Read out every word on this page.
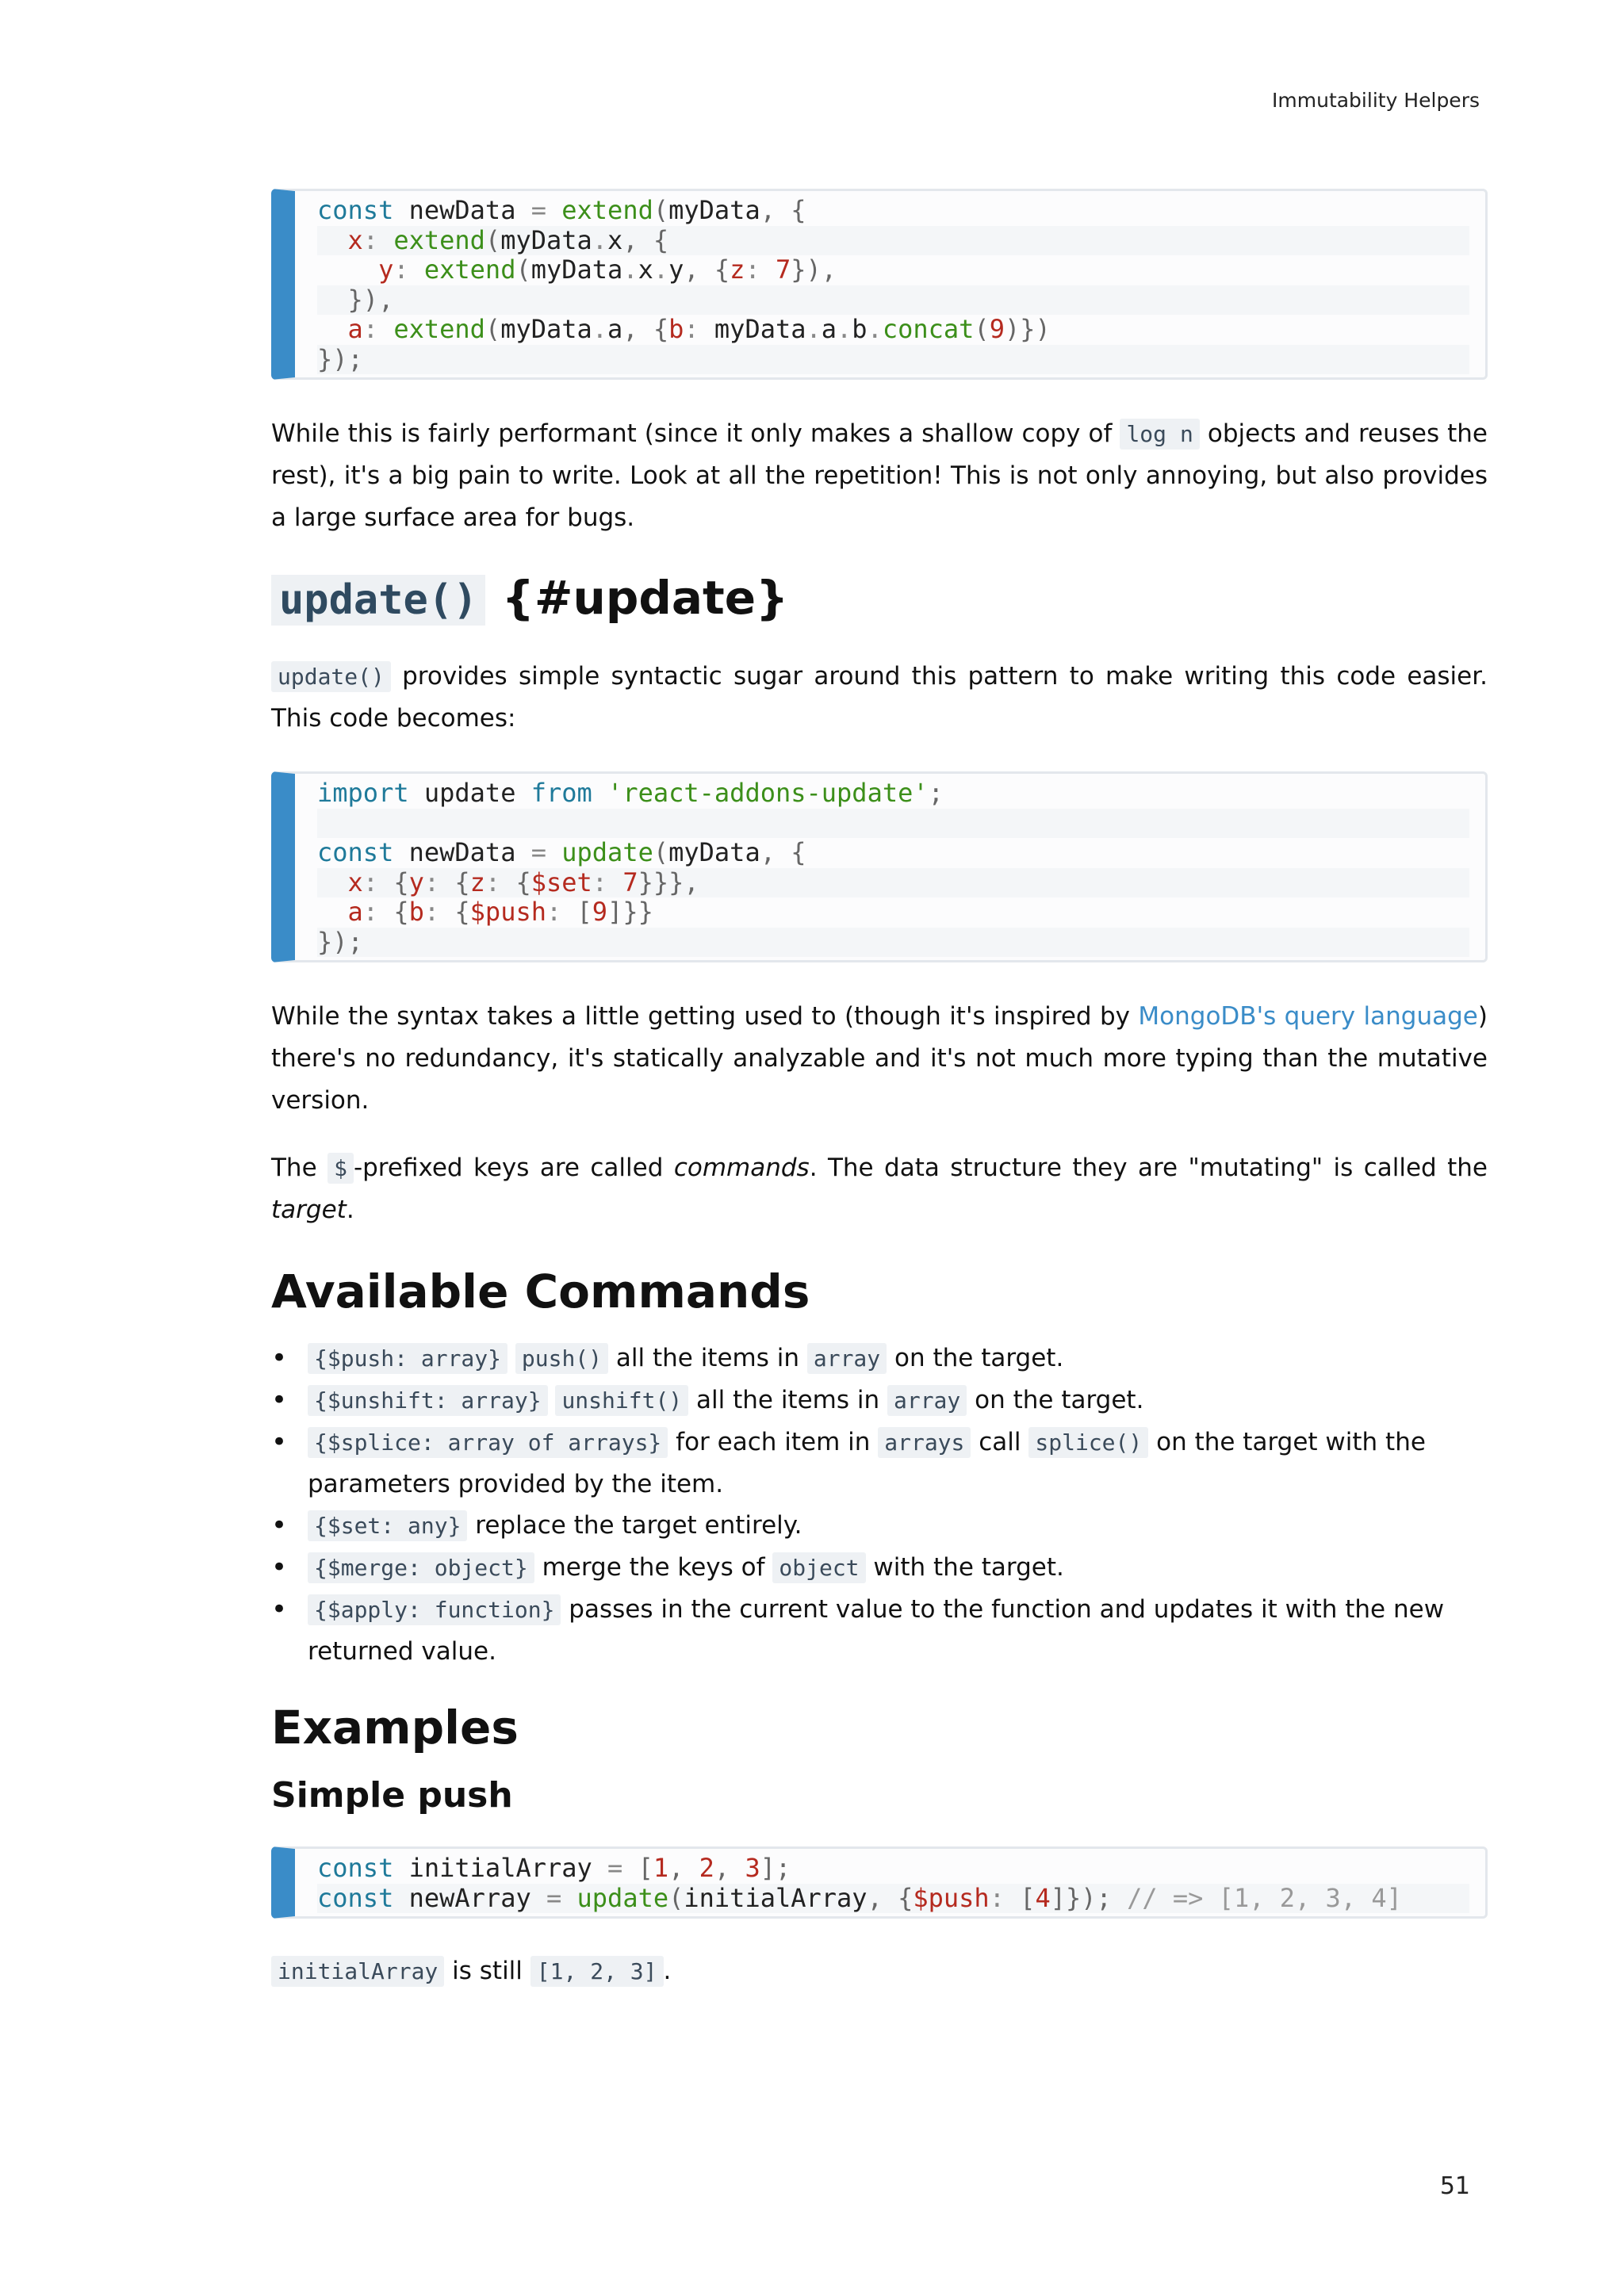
Immutability Helpers
const newData = extend(myData, {
x: extend(myData.x, {
y: extend(myData.x.y, {z: 7}),
}),
a: extend(myData.a, {b: myData.a.b.concat(9)})
});

While this is fairly performant (since it only makes a shallow copy of log n objects and reuses the rest), it's a big pain to write. Look at all the repetition! This is not only annoying, but also provides a large surface area for bugs.

update() {#update}

update() provides simple syntactic sugar around this pattern to make writing this code easier. This code becomes:

import update from 'react-addons-update';
const newData = update(myData, {
x: {y: {z: {$set: 7}}},
a: {b: {$push: [9]}}
});

While the syntax takes a little getting used to (though it's inspired by MongoDB's query language) there's no redundancy, it's statically analyzable and it's not much more typing than the mutative version.

The $ -prefixed keys are called commands. The data structure they are "mutating" is called the target.

Available Commands
• {$push: array} push() all the items in array on the target.
• {$unshift: array} unshift() all the items in array on the target.
• {$splice: array of arrays} for each item in arrays call splice() on the target with the parameters provided by the item.
• {$set: any} replace the target entirely.
• {$merge: object} merge the keys of object with the target.
• {$apply: function} passes in the current value to the function and updates it with the new returned value.
Examples
Simple push
const initialArray = [1, 2, 3];
const newArray = update(initialArray, {$push: [4]}); // => [1, 2, 3, 4]

initialArray is still [1, 2, 3] .

51
